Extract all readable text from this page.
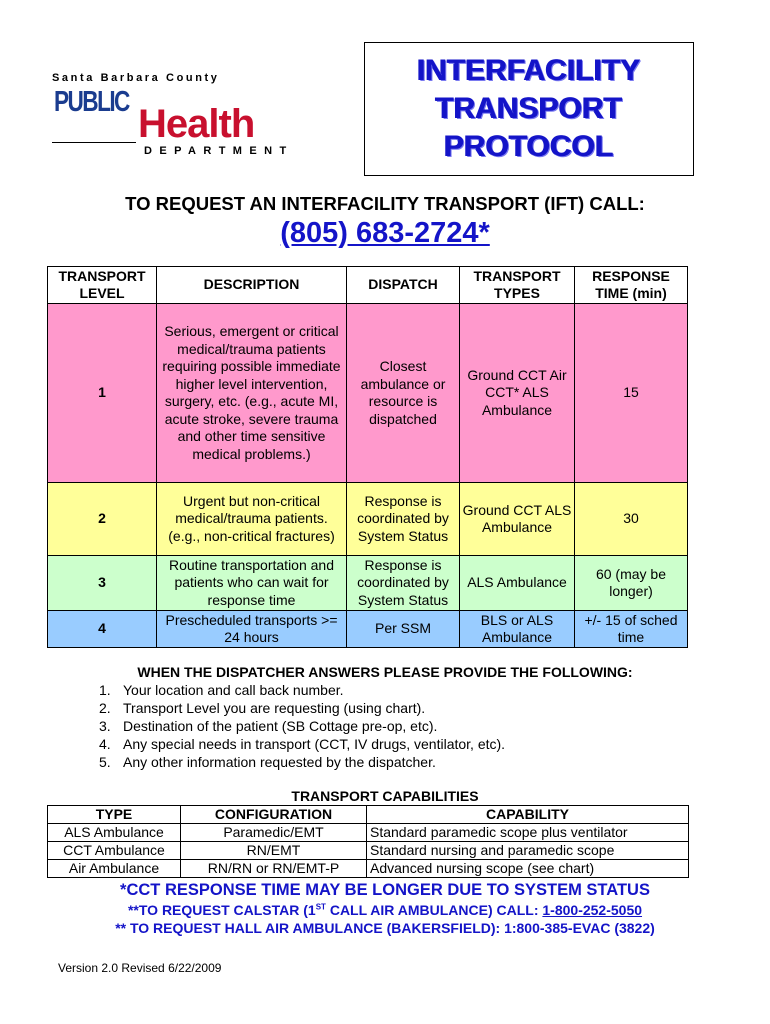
Santa Barbara County
PUBLIC Health
DEPARTMENT
INTERFACILITY
TRANSPORT
PROTOCOL
TO REQUEST AN INTERFACILITY TRANSPORT (IFT) CALL:
(805) 683-2724*
TRANSPORT LEVEL	DESCRIPTION	DISPATCH	TRANSPORT TYPES	RESPONSE TIME (min)
1	Serious, emergent or critical medical/trauma patients requiring possible immediate higher level intervention, surgery, etc. (e.g., acute MI, acute stroke, severe trauma and other time sensitive medical problems.)	Closest ambulance or resource is dispatched	Ground CCT Air CCT* ALS Ambulance	15
2	Urgent but non-critical medical/trauma patients. (e.g., non-critical fractures)	Response is coordinated by System Status	Ground CCT ALS Ambulance	30
3	Routine transportation and patients who can wait for response time	Response is coordinated by System Status	ALS Ambulance	60 (may be longer)
4	Prescheduled transports >= 24 hours	Per SSM	BLS or ALS Ambulance	+/- 15 of sched time
WHEN THE DISPATCHER ANSWERS PLEASE PROVIDE THE FOLLOWING:
1. Your location and call back number.
2. Transport Level you are requesting (using chart).
3. Destination of the patient (SB Cottage pre-op, etc).
4. Any special needs in transport (CCT, IV drugs, ventilator, etc).
5. Any other information requested by the dispatcher.
TRANSPORT CAPABILITIES
TYPE	CONFIGURATION	CAPABILITY
ALS Ambulance	Paramedic/EMT	Standard paramedic scope plus ventilator
CCT Ambulance	RN/EMT	Standard nursing and paramedic scope
Air Ambulance	RN/RN or RN/EMT-P	Advanced nursing scope (see chart)
*CCT RESPONSE TIME MAY BE LONGER DUE TO SYSTEM STATUS
**TO REQUEST CALSTAR (1ST CALL AIR AMBULANCE) CALL: 1-800-252-5050
** TO REQUEST HALL AIR AMBULANCE (BAKERSFIELD): 1:800-385-EVAC (3822)
Version 2.0 Revised 6/22/2009
